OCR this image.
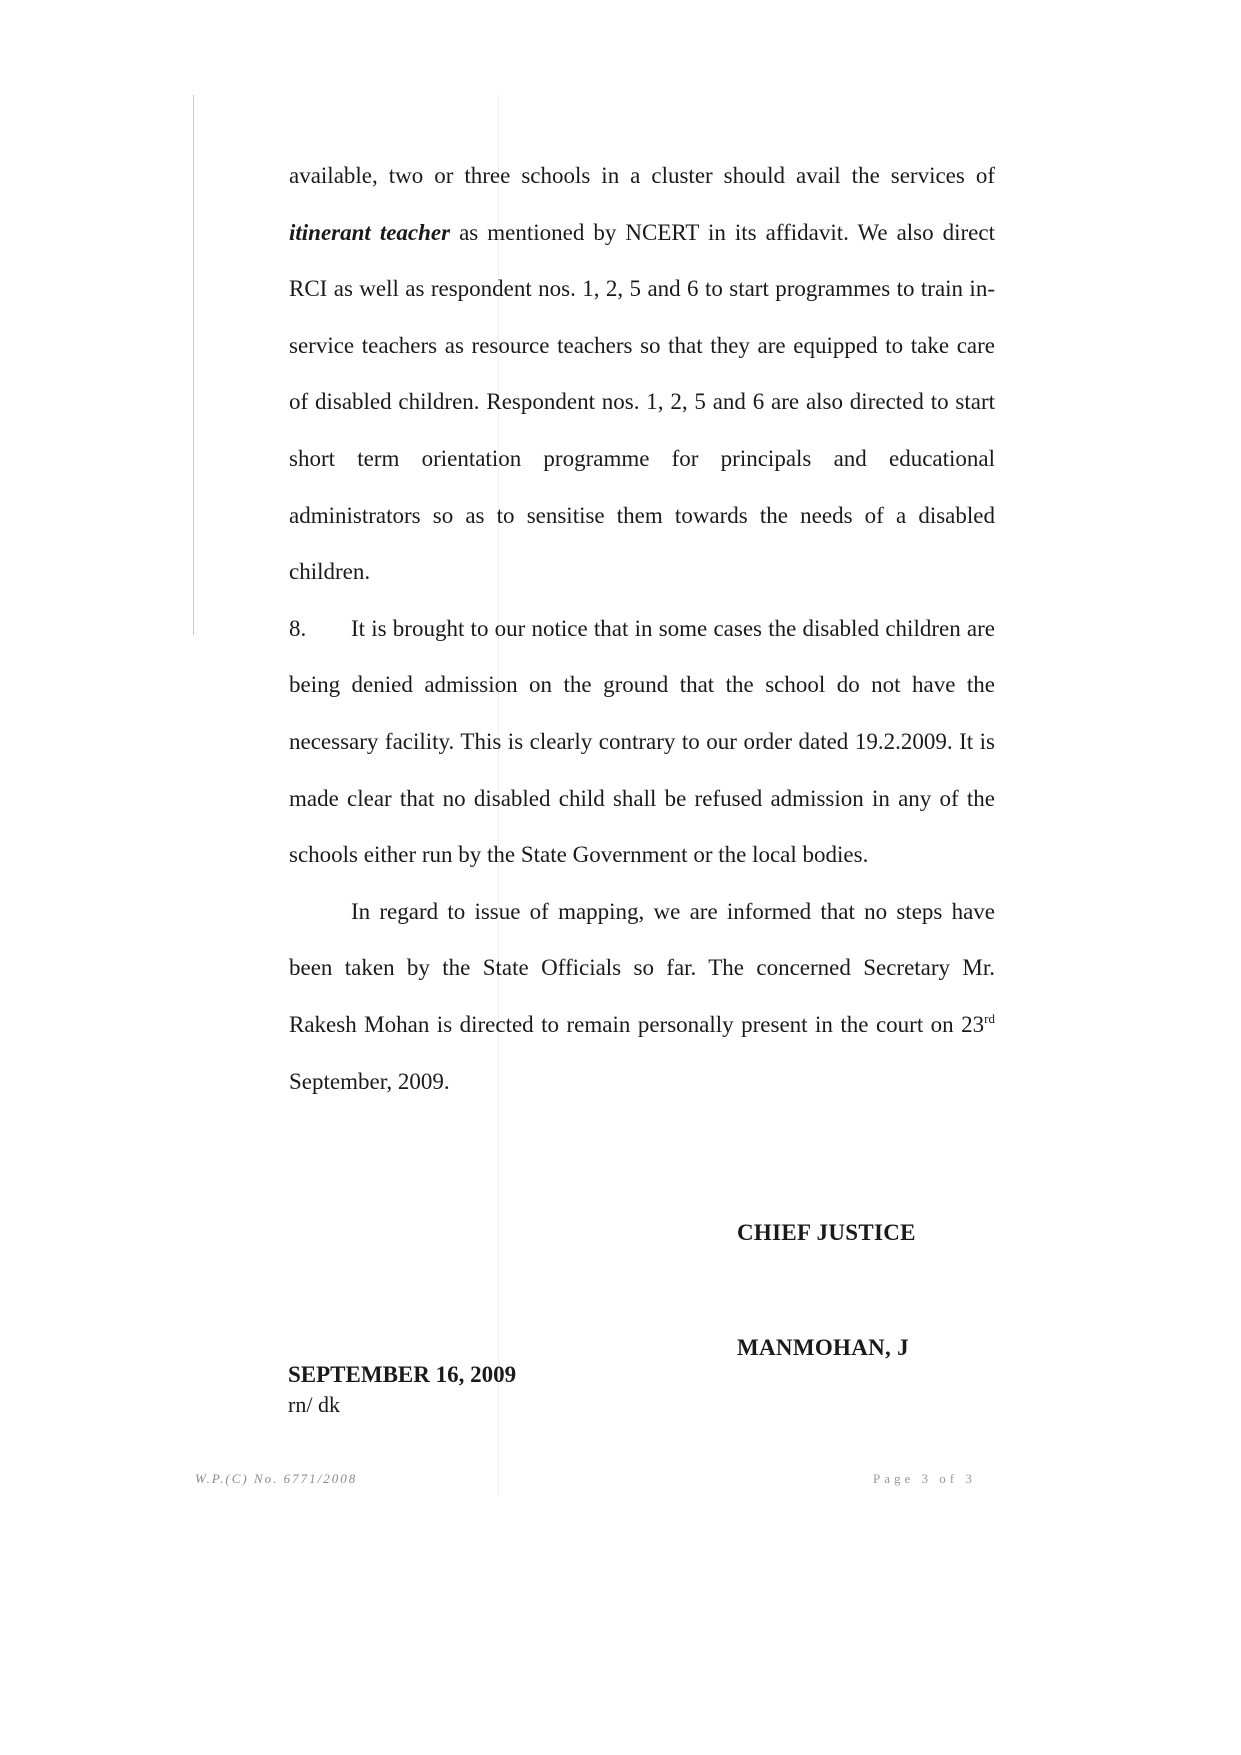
available, two or three schools in a cluster should avail the services of itinerant teacher as mentioned by NCERT in its affidavit. We also direct RCI as well as respondent nos. 1, 2, 5 and 6 to start programmes to train in-service teachers as resource teachers so that they are equipped to take care of disabled children. Respondent nos. 1, 2, 5 and 6 are also directed to start short term orientation programme for principals and educational administrators so as to sensitise them towards the needs of a disabled children.

8. It is brought to our notice that in some cases the disabled children are being denied admission on the ground that the school do not have the necessary facility. This is clearly contrary to our order dated 19.2.2009. It is made clear that no disabled child shall be refused admission in any of the schools either run by the State Government or the local bodies.

In regard to issue of mapping, we are informed that no steps have been taken by the State Officials so far. The concerned Secretary Mr. Rakesh Mohan is directed to remain personally present in the court on 23rd September, 2009.

CHIEF JUSTICE
MANMOHAN, J
SEPTEMBER 16, 2009
rn/ dk
W.P.(C) No. 6771/2008	Page 3 of 3
